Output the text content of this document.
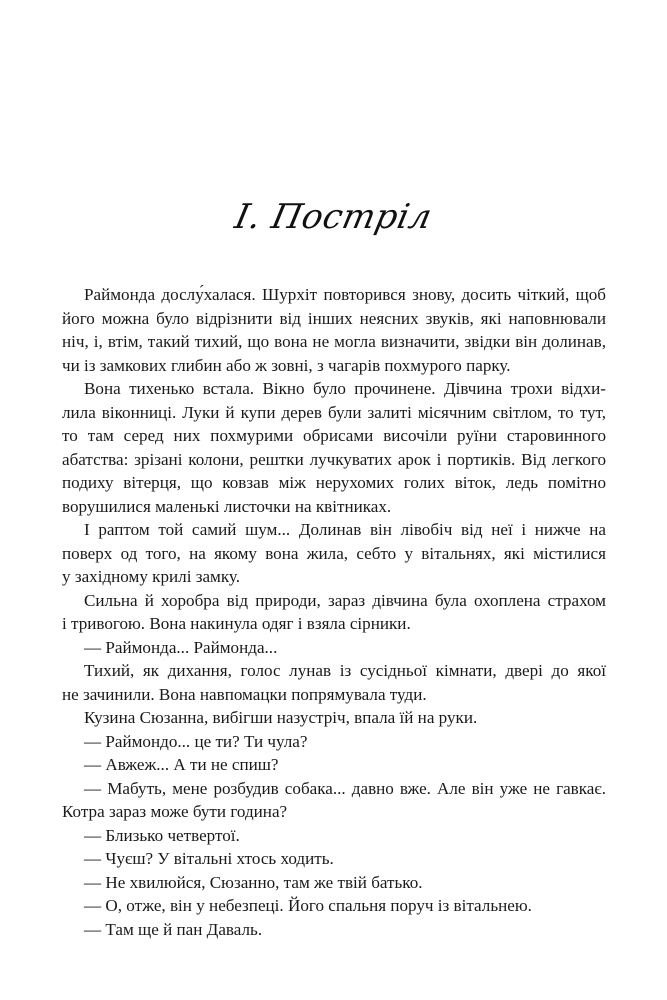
І. Постріл
Раймонда дослу́халася. Шурхіт повторився знову, досить чіткий, щоб
його можна було відрізнити від інших неясних звуків, які наповнювали
ніч, і, втім, такий тихий, що вона не могла визначити, звідки він долинав,
чи із замкових глибин або ж зовні, з чагарів похмурого парку.
Вона тихенько встала. Вікно було прочинене. Дівчина трохи відхи-
лила віконниці. Луки й купи дерев були залиті місячним світлом, то тут,
то там серед них похмурими обрисами височіли руїни старовинного
абатства: зрізані колони, рештки лучкуватих арок і портиків. Від легкого
подиху вітерця, що ковзав між нерухомих голих віток, ледь помітно
ворушилися маленькі листочки на квітниках.
І раптом той самий шум... Долинав він лівобіч від неї і нижче на
поверх од того, на якому вона жила, себто у вітальнях, які містилися
у західному крилі замку.
Сильна й хоробра від природи, зараз дівчина була охоплена страхом
і тривогою. Вона накинула одяг і взяла сірники.
— Раймонда... Раймонда...
Тихий, як дихання, голос лунав із сусідньої кімнати, двері до якої
не зачинили. Вона навпомацки попрямувала туди.
Кузина Сюзанна, вибігши назустріч, впала їй на руки.
— Раймондо... це ти? Ти чула?
— Авжеж... А ти не спиш?
— Мабуть, мене розбудив собака... давно вже. Але він уже не гавкає.
Котра зараз може бути година?
— Близько четвертої.
— Чуєш? У вітальні хтось ходить.
— Не хвилюйся, Сюзанно, там же твій батько.
— О, отже, він у небезпеці. Його спальня поруч із вітальнею.
— Там ще й пан Даваль.
